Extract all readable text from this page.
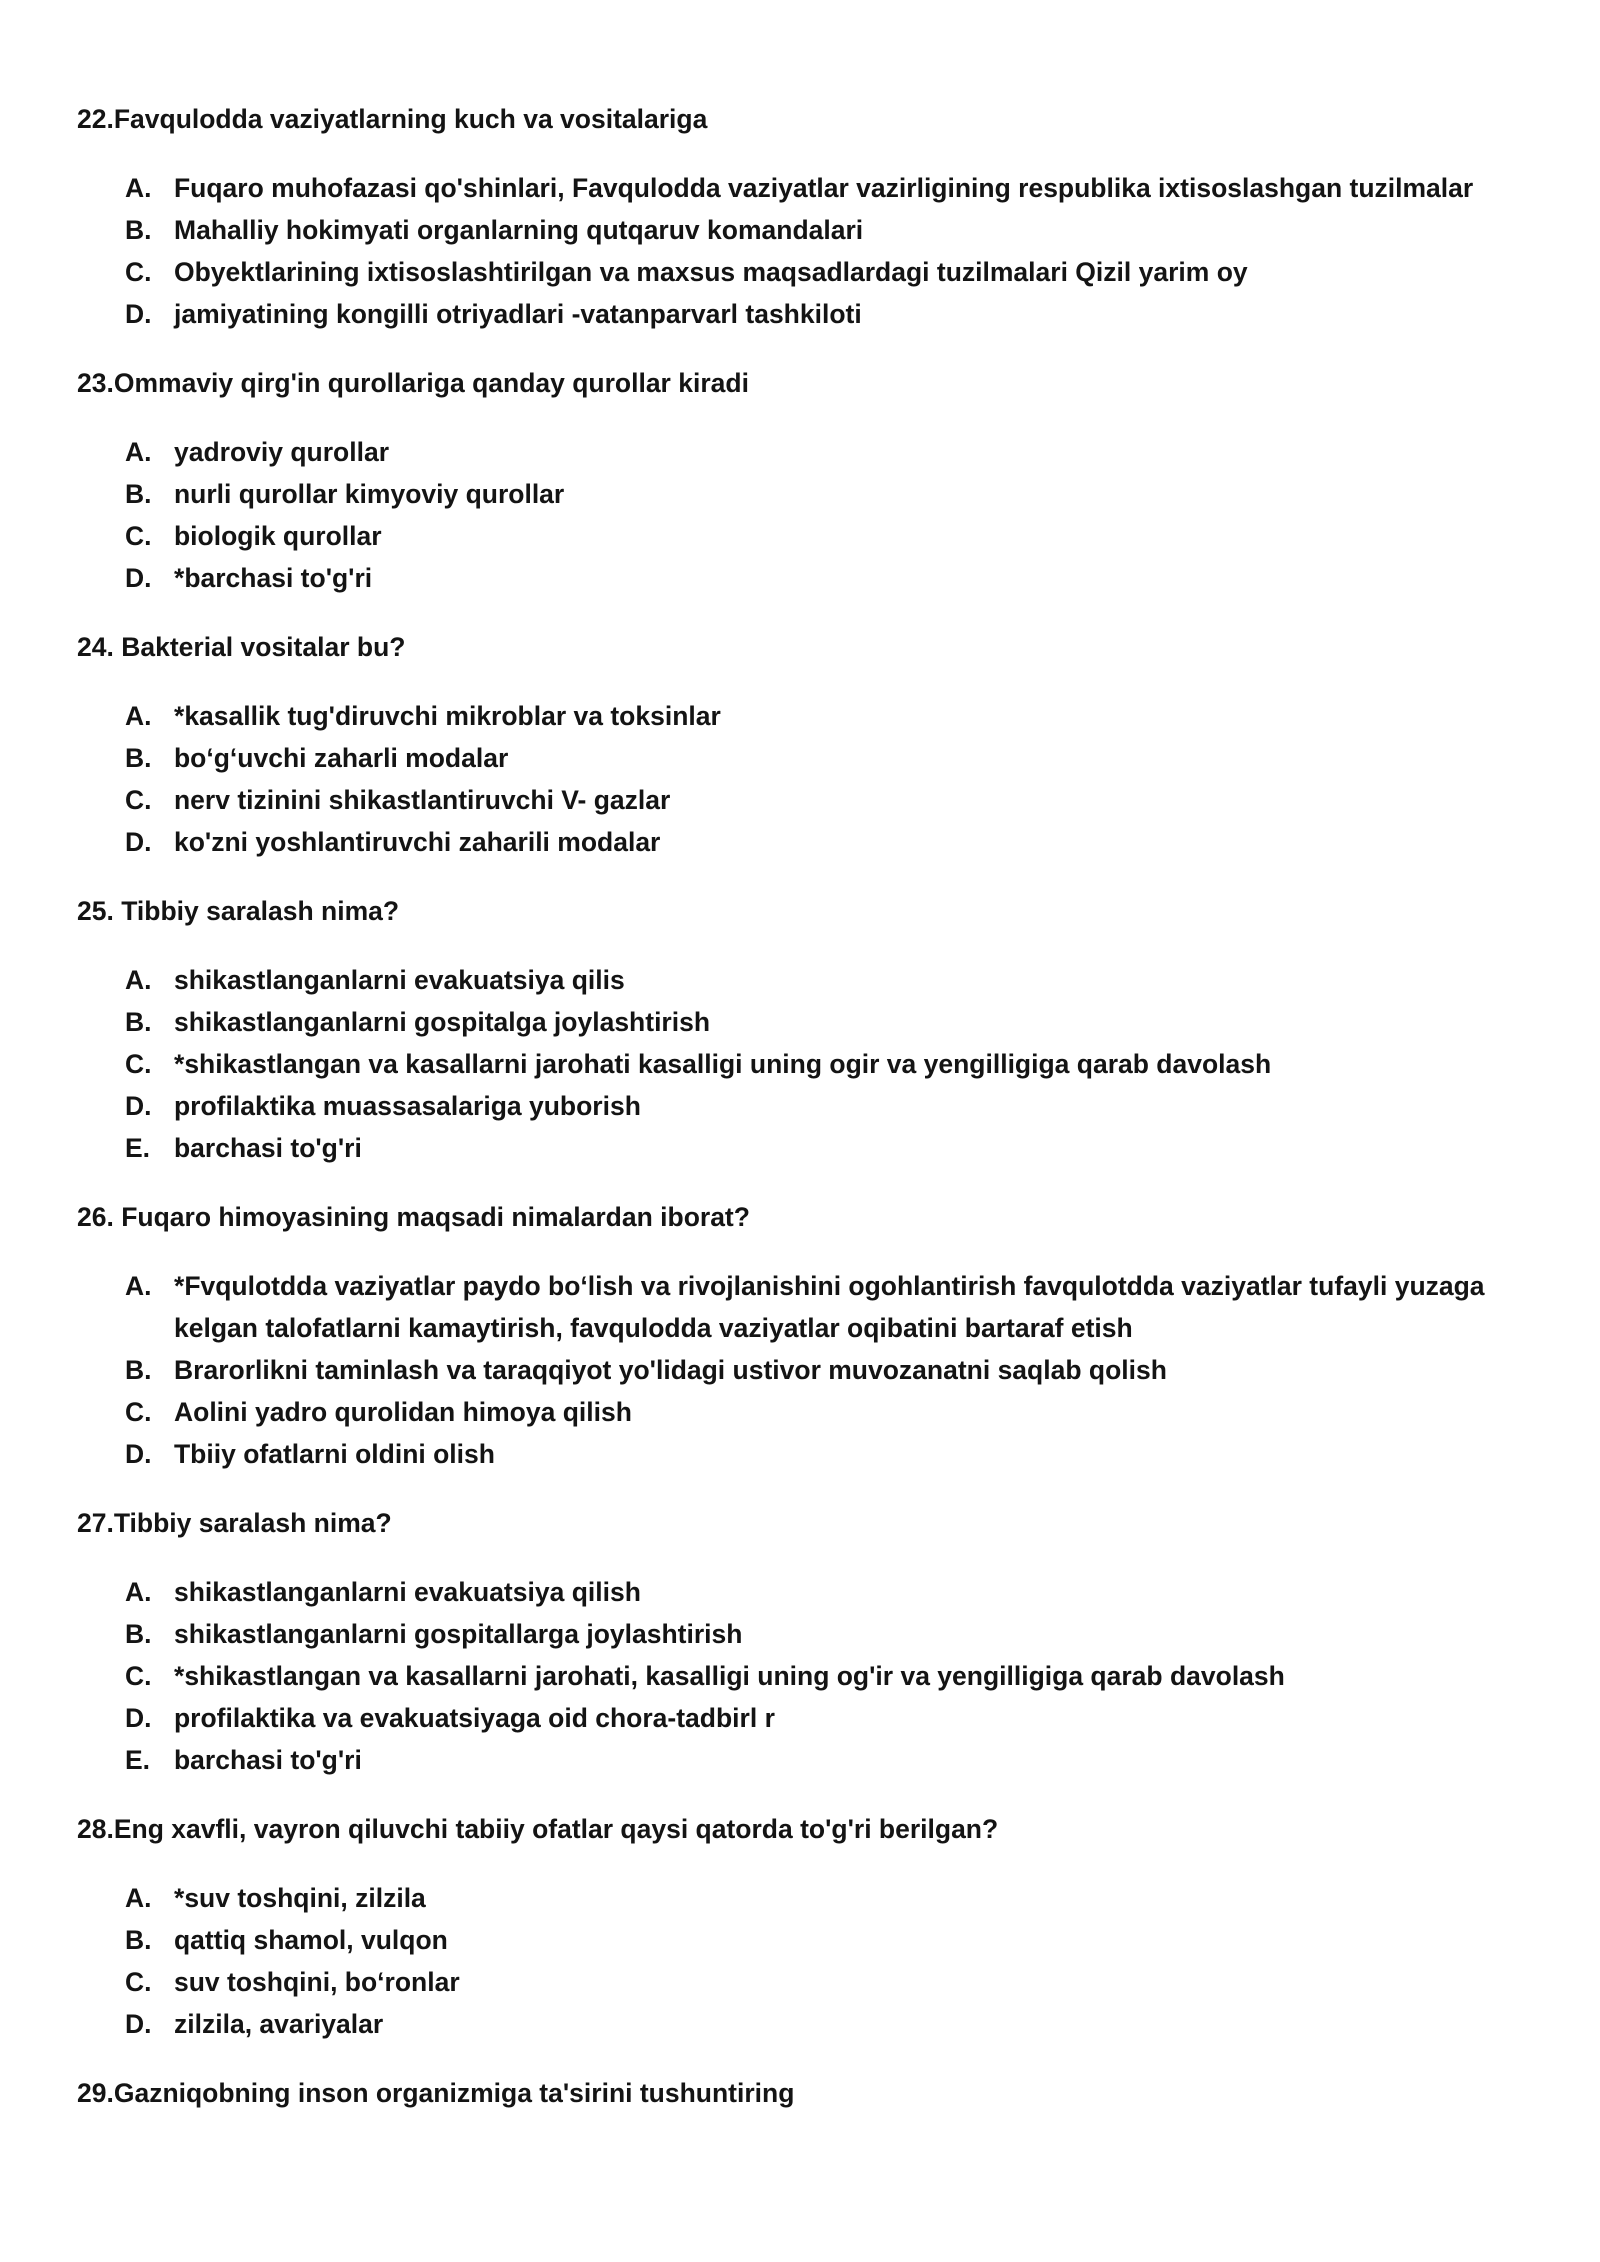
22.Favqulodda vaziyatlarning kuch va vositalariga

A. Fuqaro muhofazasi qo'shinlari, Favqulodda vaziyatlar vazirligining respublika ixtisoslashgan tuzilmalar
B. Mahalliy hokimyati organlarning qutqaruv komandalari
C. Obyektlarining ixtisoslashtirilgan va maxsus maqsadlardagi tuzilmalari Qizil yarim oy
D. jamiyatining kongilli otriyadlari -vatanparvarl tashkiloti

23.Ommaviy qirg'in qurollariga qanday qurollar kiradi

A. yadroviy qurollar
B. nurli qurollar kimyoviy qurollar
C. biologik qurollar
D. *barchasi to'g'ri

24. Bakterial vositalar bu?

A. *kasallik tug'diruvchi mikroblar va toksinlar
B. bo‘g‘uvchi zaharli modalar
C. nerv tizinini shikastlantiruvchi V- gazlar
D. ko'zni yoshlantiruvchi zaharili modalar

25. Tibbiy saralash nima?

A. shikastlanganlarni evakuatsiya qilis
B. shikastlanganlarni gospitalga joylashtirish
C. *shikastlangan va kasallarni jarohati kasalligi uning ogir va yengilligiga qarab davolash
D. profilaktika muassasalariga yuborish
E. barchasi to'g'ri

26. Fuqaro himoyasining maqsadi nimalardan iborat?

A. *Fvqulotdda vaziyatlar paydo bo‘lish va rivojlanishini ogohlantirish favqulotdda vaziyatlar tufayli yuzaga kelgan talofatlarni kamaytirish, favqulodda vaziyatlar oqibatini bartaraf etish
B. Brarorlikni taminlash va taraqqiyot yo'lidagi ustivor muvozanatni saqlab qolish
C. Aolini yadro qurolidan himoya qilish
D. Tbiiy ofatlarni oldini olish

27.Tibbiy saralash nima?

A. shikastlanganlarni evakuatsiya qilish
B. shikastlanganlarni gospitallarga joylashtirish
C. *shikastlangan va kasallarni jarohati, kasalligi uning og'ir va yengilligiga qarab davolash
D. profilaktika va evakuatsiyaga oid chora-tadbirl r
E. barchasi to'g'ri

28.Eng xavfli, vayron qiluvchi tabiiy ofatlar qaysi qatorda to'g'ri berilgan?

A. *suv toshqini, zilzila
B. qattiq shamol, vulqon
C. suv toshqini, bo‘ronlar
D. zilzila, avariyalar

29.Gazniqobning inson organizmiga ta'sirini tushuntiring
